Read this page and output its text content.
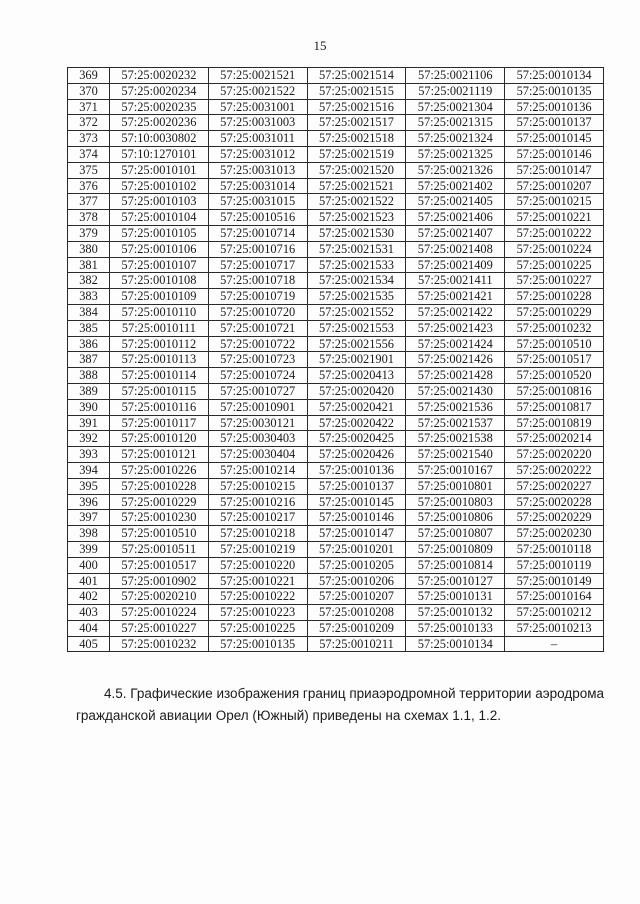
15
369	57:25:0020232	57:25:0021521	57:25:0021514	57:25:0021106	57:25:0010134
370	57:25:0020234	57:25:0021522	57:25:0021515	57:25:0021119	57:25:0010135
371	57:25:0020235	57:25:0031001	57:25:0021516	57:25:0021304	57:25:0010136
372	57:25:0020236	57:25:0031003	57:25:0021517	57:25:0021315	57:25:0010137
373	57:10:0030802	57:25:0031011	57:25:0021518	57:25:0021324	57:25:0010145
374	57:10:1270101	57:25:0031012	57:25:0021519	57:25:0021325	57:25:0010146
375	57:25:0010101	57:25:0031013	57:25:0021520	57:25:0021326	57:25:0010147
376	57:25:0010102	57:25:0031014	57:25:0021521	57:25:0021402	57:25:0010207
377	57:25:0010103	57:25:0031015	57:25:0021522	57:25:0021405	57:25:0010215
378	57:25:0010104	57:25:0010516	57:25:0021523	57:25:0021406	57:25:0010221
379	57:25:0010105	57:25:0010714	57:25:0021530	57:25:0021407	57:25:0010222
380	57:25:0010106	57:25:0010716	57:25:0021531	57:25:0021408	57:25:0010224
381	57:25:0010107	57:25:0010717	57:25:0021533	57:25:0021409	57:25:0010225
382	57:25:0010108	57:25:0010718	57:25:0021534	57:25:0021411	57:25:0010227
383	57:25:0010109	57:25:0010719	57:25:0021535	57:25:0021421	57:25:0010228
384	57:25:0010110	57:25:0010720	57:25:0021552	57:25:0021422	57:25:0010229
385	57:25:0010111	57:25:0010721	57:25:0021553	57:25:0021423	57:25:0010232
386	57:25:0010112	57:25:0010722	57:25:0021556	57:25:0021424	57:25:0010510
387	57:25:0010113	57:25:0010723	57:25:0021901	57:25:0021426	57:25:0010517
388	57:25:0010114	57:25:0010724	57:25:0020413	57:25:0021428	57:25:0010520
389	57:25:0010115	57:25:0010727	57:25:0020420	57:25:0021430	57:25:0010816
390	57:25:0010116	57:25:0010901	57:25:0020421	57:25:0021536	57:25:0010817
391	57:25:0010117	57:25:0030121	57:25:0020422	57:25:0021537	57:25:0010819
392	57:25:0010120	57:25:0030403	57:25:0020425	57:25:0021538	57:25:0020214
393	57:25:0010121	57:25:0030404	57:25:0020426	57:25:0021540	57:25:0020220
394	57:25:0010226	57:25:0010214	57:25:0010136	57:25:0010167	57:25:0020222
395	57:25:0010228	57:25:0010215	57:25:0010137	57:25:0010801	57:25:0020227
396	57:25:0010229	57:25:0010216	57:25:0010145	57:25:0010803	57:25:0020228
397	57:25:0010230	57:25:0010217	57:25:0010146	57:25:0010806	57:25:0020229
398	57:25:0010510	57:25:0010218	57:25:0010147	57:25:0010807	57:25:0020230
399	57:25:0010511	57:25:0010219	57:25:0010201	57:25:0010809	57:25:0010118
400	57:25:0010517	57:25:0010220	57:25:0010205	57:25:0010814	57:25:0010119
401	57:25:0010902	57:25:0010221	57:25:0010206	57:25:0010127	57:25:0010149
402	57:25:0020210	57:25:0010222	57:25:0010207	57:25:0010131	57:25:0010164
403	57:25:0010224	57:25:0010223	57:25:0010208	57:25:0010132	57:25:0010212
404	57:25:0010227	57:25:0010225	57:25:0010209	57:25:0010133	57:25:0010213
405	57:25:0010232	57:25:0010135	57:25:0010211	57:25:0010134	–
4.5. Графические изображения границ приаэродромной территории аэродрома гражданской авиации Орел (Южный) приведены на схемах 1.1, 1.2.
